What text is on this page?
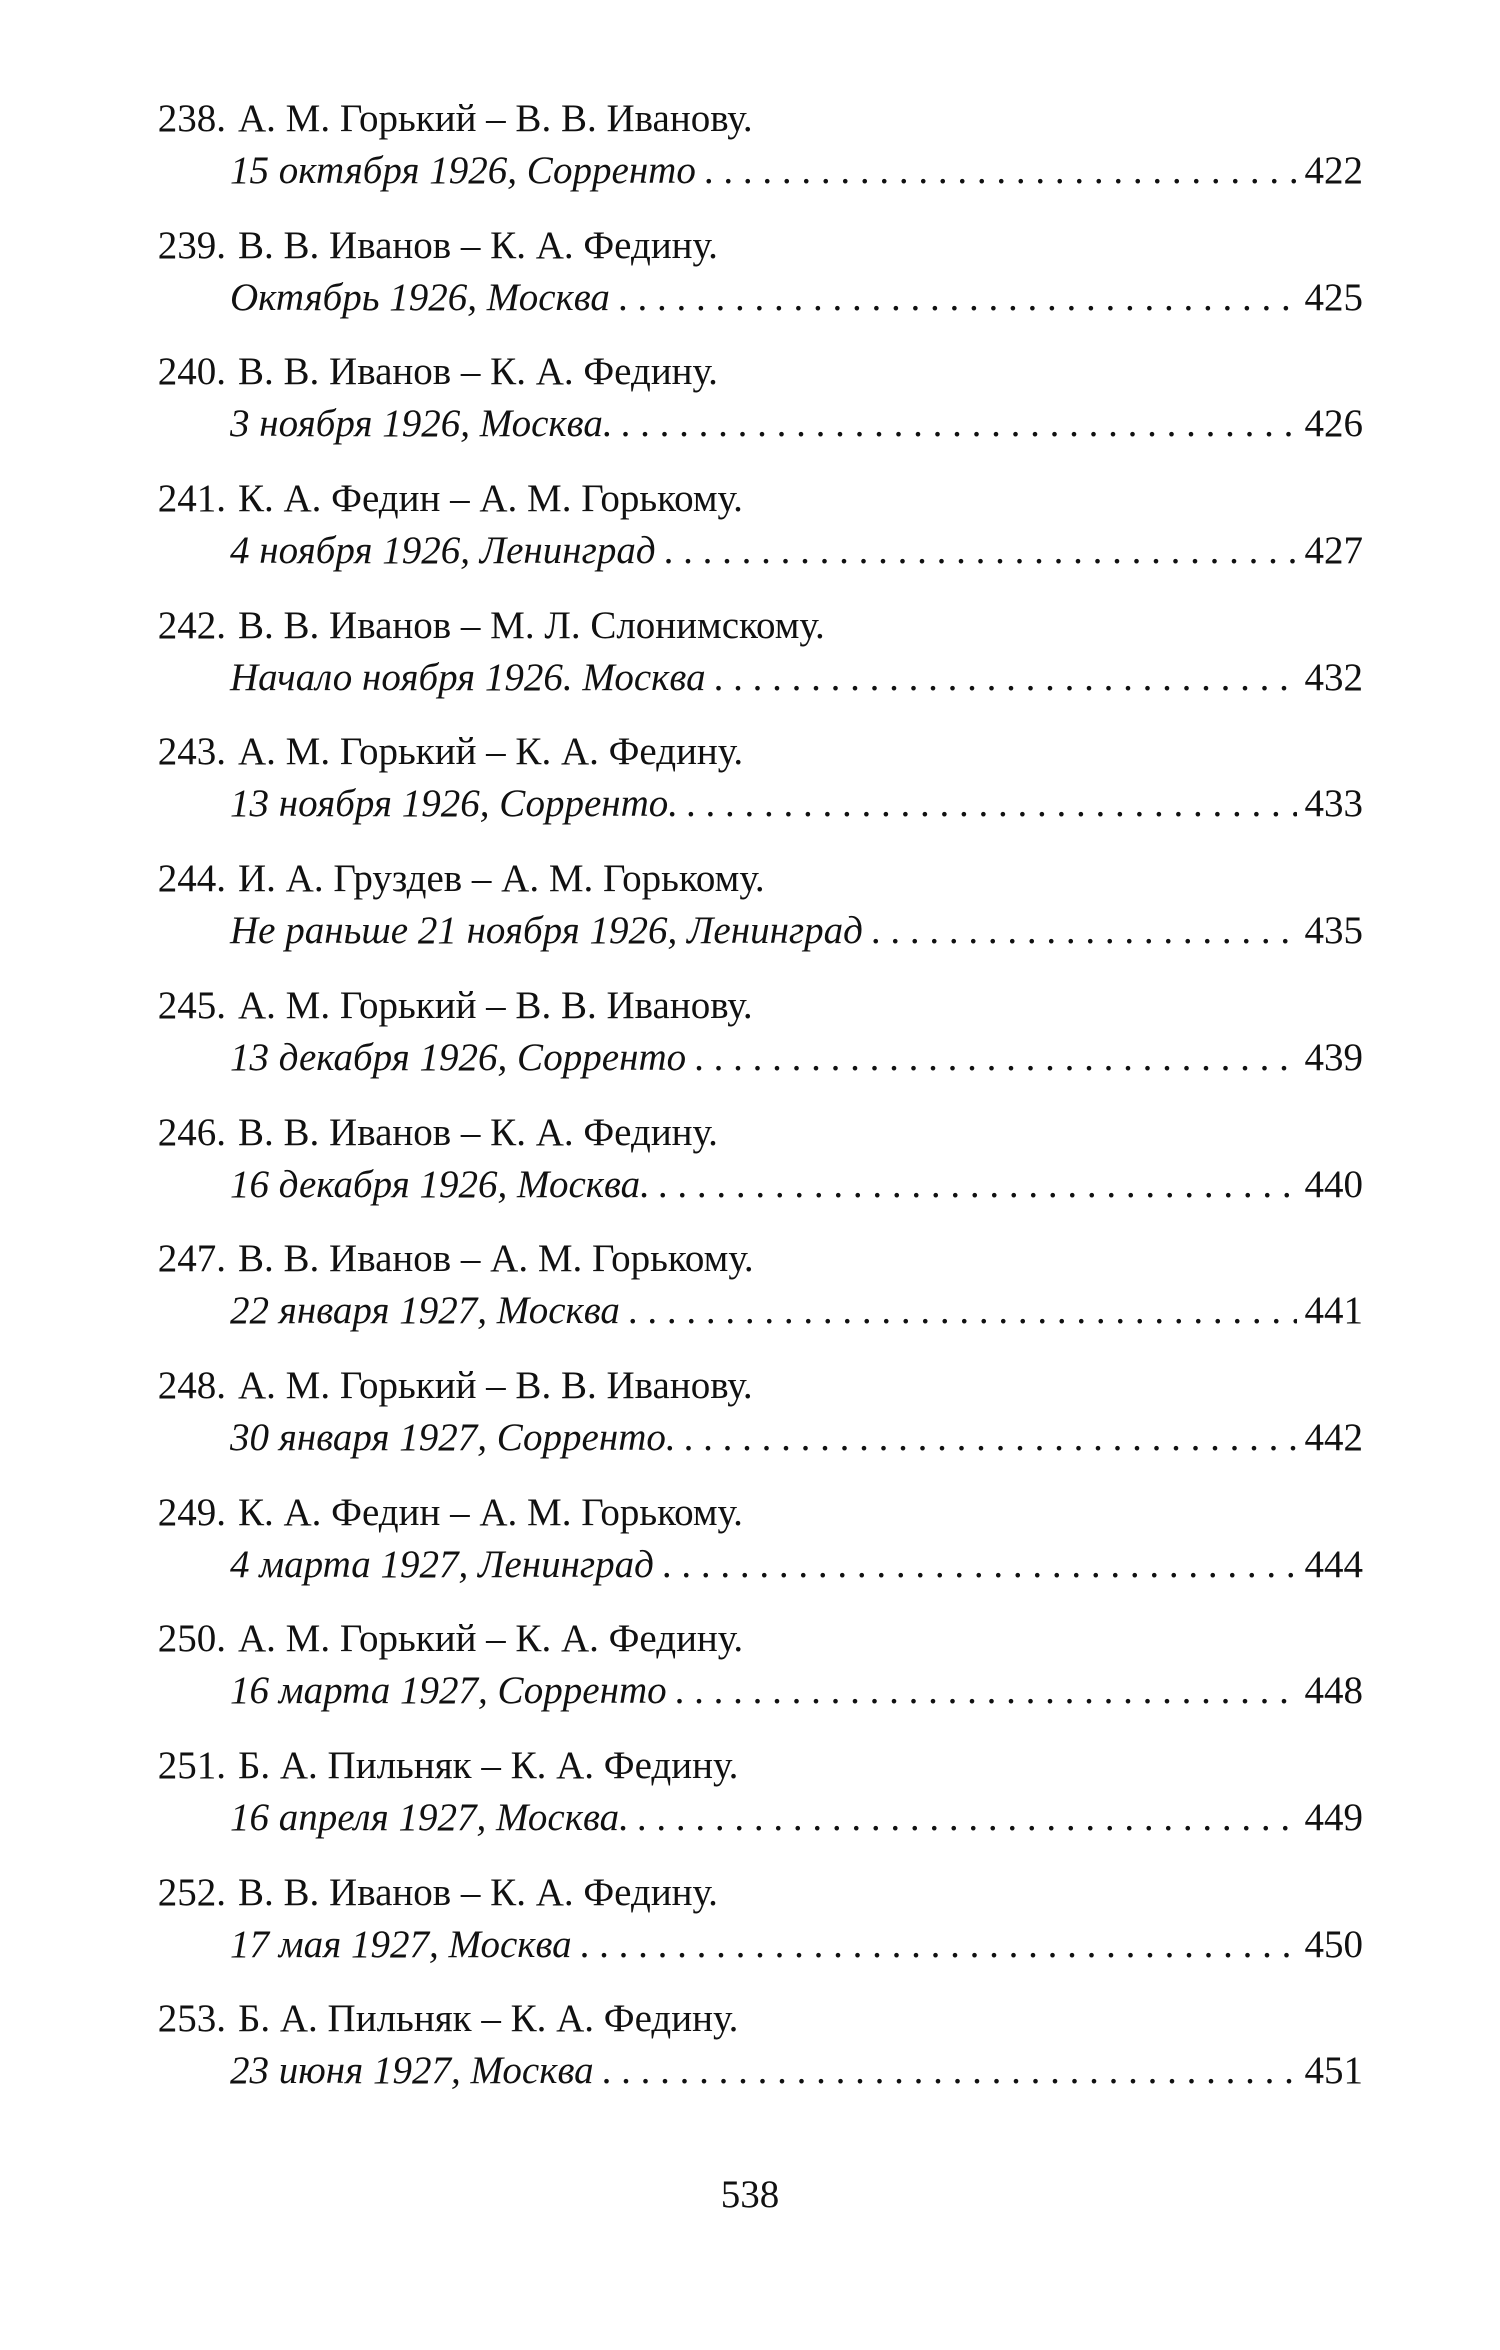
238. А. М. Горький – В. В. Иванову.
15 октября 1926, Сорренто . . .	422
239. В. В. Иванов – К. А. Федину.
Октябрь 1926, Москва . . .	425
240. В. В. Иванов – К. А. Федину.
3 ноября 1926, Москва. . . .	426
241. К. А. Федин – А. М. Горькому.
4 ноября 1926, Ленинград . . .	427
242. В. В. Иванов – М. Л. Слонимскому.
Начало ноября 1926. Москва . . .	432
243. А. М. Горький – К. А. Федину.
13 ноября 1926, Сорренто. . . .	433
244. И. А. Груздев – А. М. Горькому.
Не раньше 21 ноября 1926, Ленинград . . .	435
245. А. М. Горький – В. В. Иванову.
13 декабря 1926, Сорренто . . .	439
246. В. В. Иванов – К. А. Федину.
16 декабря 1926, Москва. . . .	440
247. В. В. Иванов – А. М. Горькому.
22 января 1927, Москва . . .	441
248. А. М. Горький – В. В. Иванову.
30 января 1927, Сорренто. . . .	442
249. К. А. Федин – А. М. Горькому.
4 марта 1927, Ленинград . . .	444
250. А. М. Горький – К. А. Федину.
16 марта 1927, Сорренто . . .	448
251. Б. А. Пильняк – К. А. Федину.
16 апреля 1927, Москва. . . .	449
252. В. В. Иванов – К. А. Федину.
17 мая 1927, Москва . . .	450
253. Б. А. Пильняк – К. А. Федину.
23 июня 1927, Москва . . .	451
538
